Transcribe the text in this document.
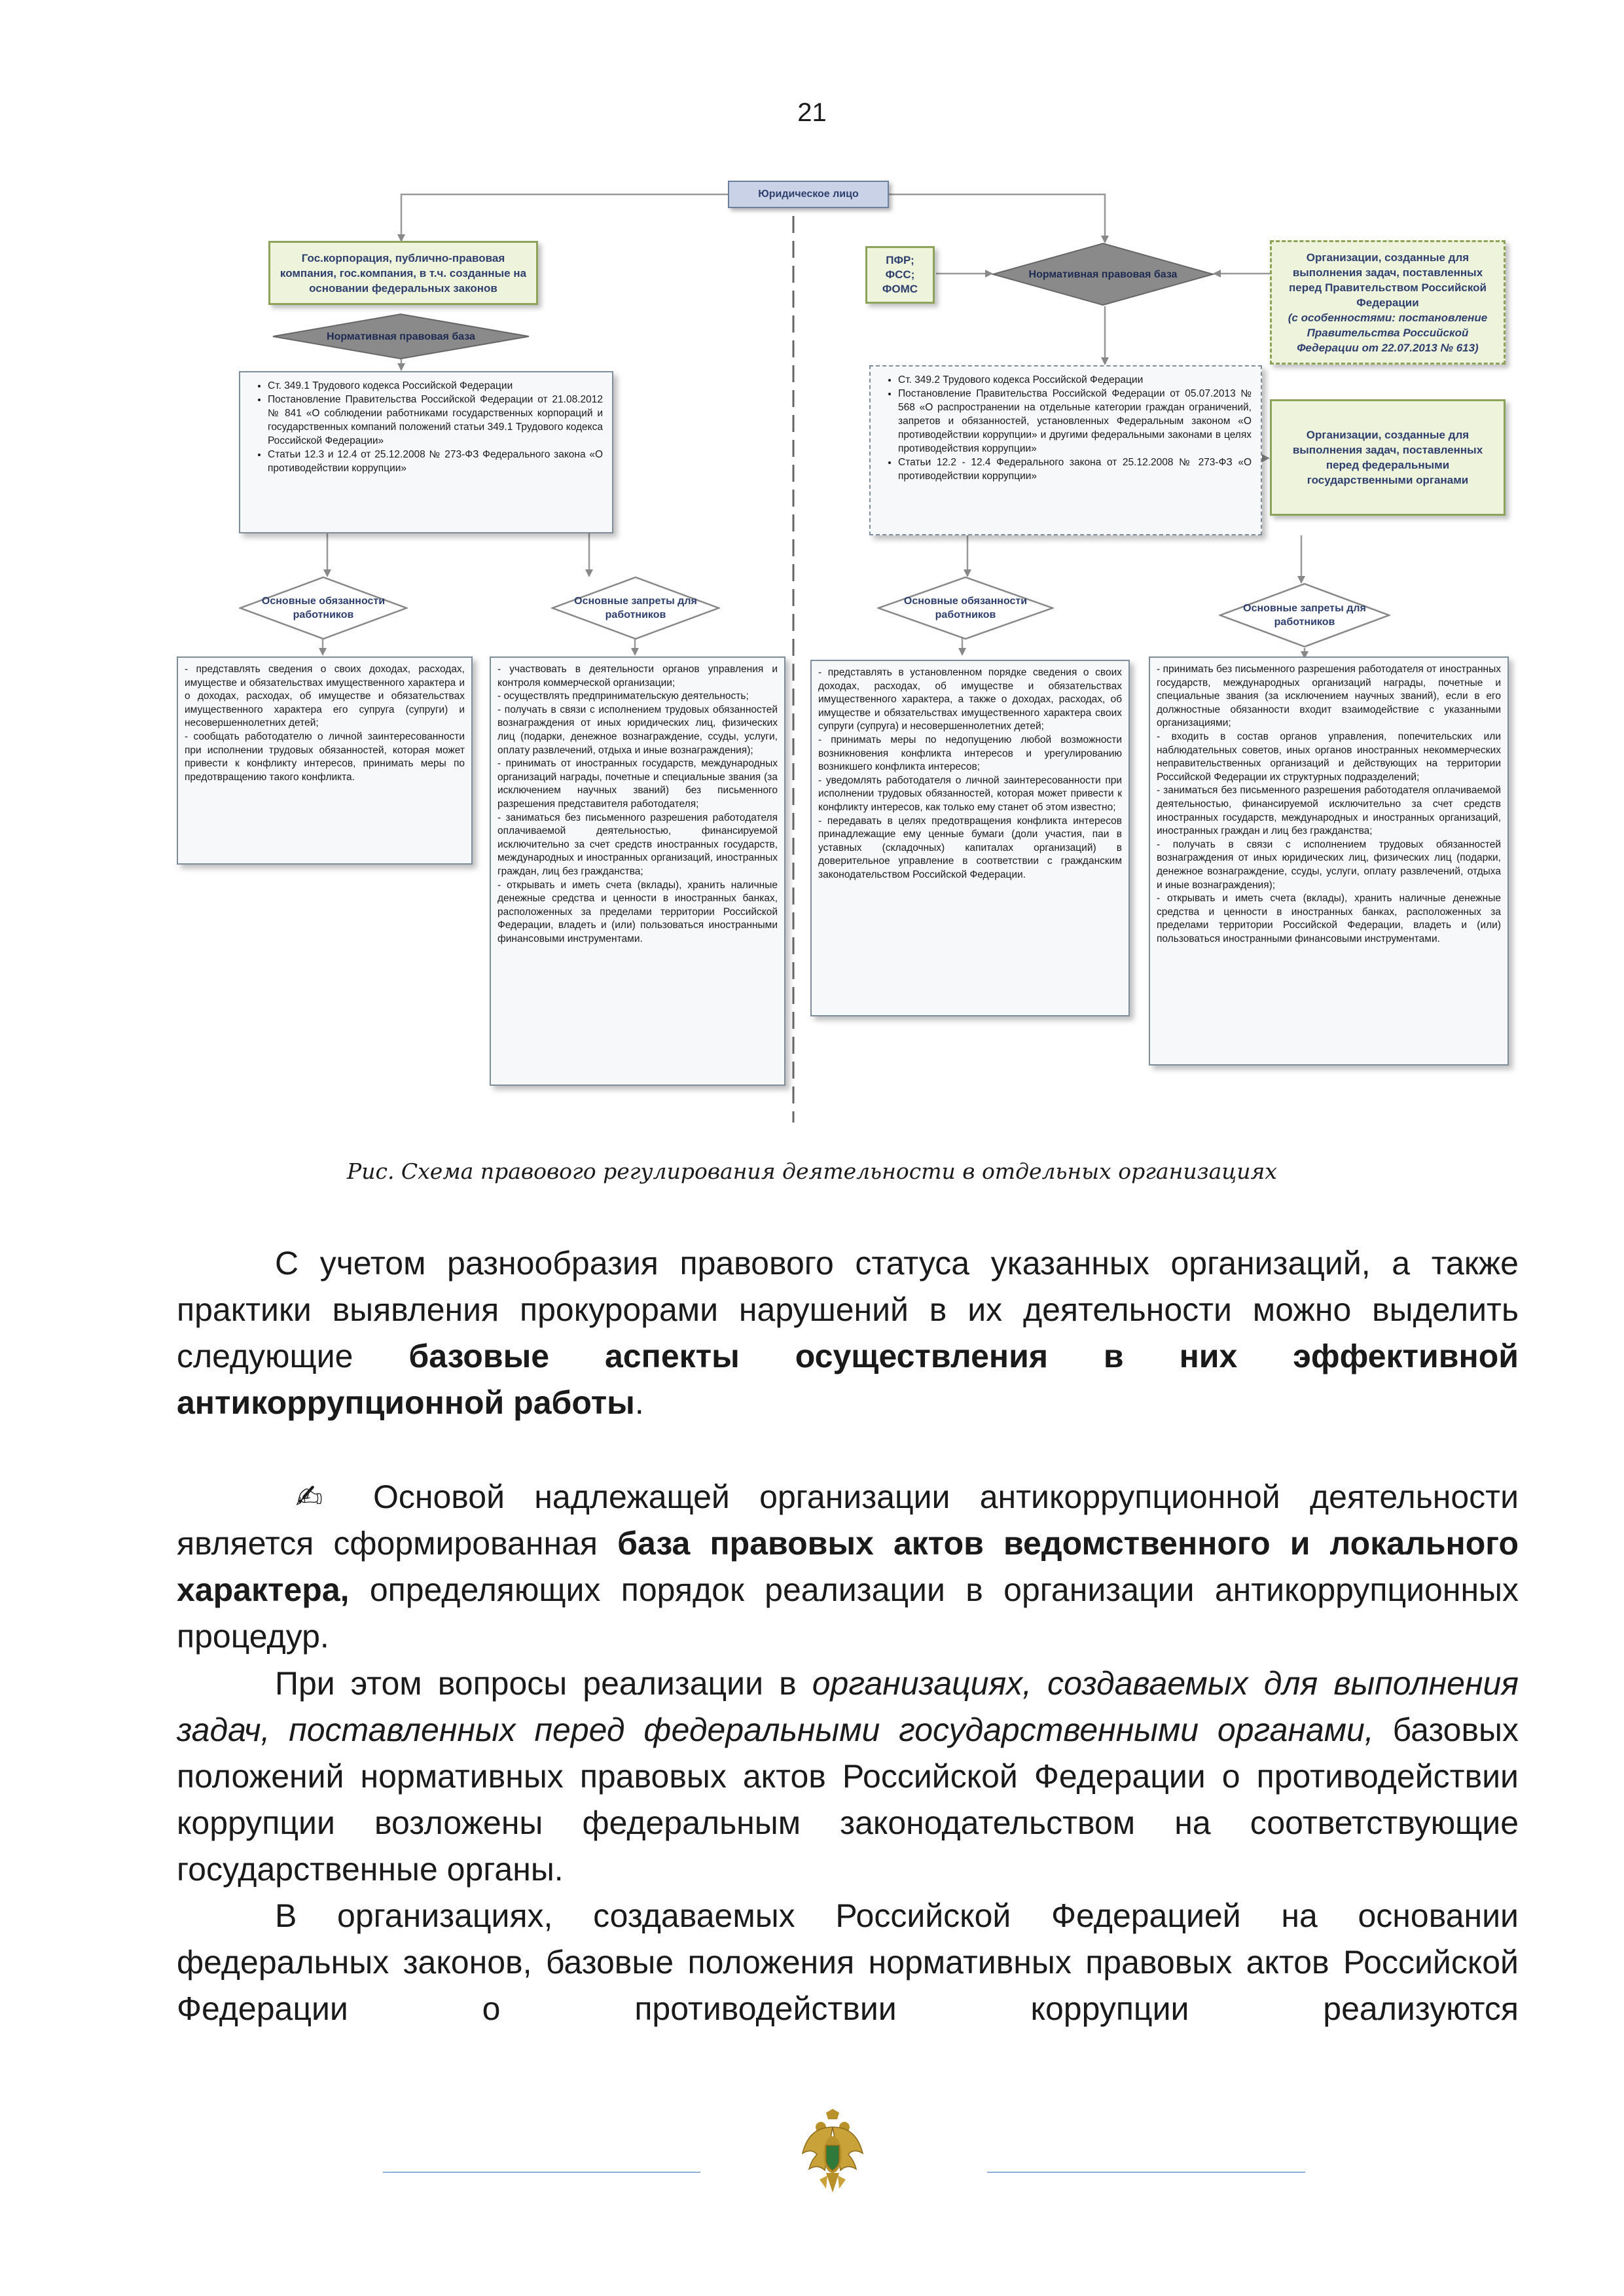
21
Юридическое лицо
Гос.корпорация, публично-правовая компания, гос.компания, в т.ч. созданные на основании федеральных законов
Нормативная правовая база
• Ст. 349.1 Трудового кодекса Российской Федерации
• Постановление Правительства Российской Федерации от 21.08.2012 № 841 «О соблюдении работниками государственных корпораций и государственных компаний положений статьи 349.1 Трудового кодекса Российской Федерации»
• Статьи 12.3 и 12.4 от 25.12.2008 № 273-ФЗ Федерального закона «О противодействии коррупции»
Основные обязанности работников
Основные запреты для работников
- представлять сведения о своих доходах, расходах, имуществе и обязательствах имущественного характера и о доходах, расходах, об имуществе и обязательствах имущественного характера его супруга (супруги) и несовершеннолетних детей;
- сообщать работодателю о личной заинтересованности при исполнении трудовых обязанностей, которая может привести к конфликту интересов, принимать меры по предотвращению такого конфликта.
- участвовать в деятельности органов управления и контроля коммерческой организации;
- осуществлять предпринимательскую деятельность;
- получать в связи с исполнением трудовых обязанностей вознаграждения от иных юридических лиц, физических лиц (подарки, денежное вознаграждение, ссуды, услуги, оплату развлечений, отдыха и иные вознаграждения);
- принимать от иностранных государств, международных организаций награды, почетные и специальные звания (за исключением научных званий) без письменного разрешения представителя работодателя;
- заниматься без письменного разрешения работодателя оплачиваемой деятельностью, финансируемой исключительно за счет средств иностранных государств, международных и иностранных организаций, иностранных граждан, лиц без гражданства;
- открывать и иметь счета (вклады), хранить наличные денежные средства и ценности в иностранных банках, расположенных за пределами территории Российской Федерации, владеть и (или) пользоваться иностранными финансовыми инструментами.
ПФР;
ФСС;
ФОМС
Нормативная правовая база
Организации, созданные для выполнения задач, поставленных перед Правительством Российской Федерации
(с особенностями: постановление Правительства Российской Федерации от 22.07.2013 № 613)
• Ст. 349.2 Трудового кодекса Российской Федерации
• Постановление Правительства Российской Федерации от 05.07.2013 № 568 «О распространении на отдельные категории граждан ограничений, запретов и обязанностей, установленных Федеральным законом «О противодействии коррупции» и другими федеральными законами в целях противодействия коррупции»
• Статьи 12.2 - 12.4 Федерального закона от 25.12.2008 № 273-ФЗ «О противодействии коррупции»
Организации, созданные для выполнения задач, поставленных перед федеральными государственными органами
Основные обязанности работников
Основные запреты для работников
- представлять в установленном порядке сведения о своих доходах, расходах, об имуществе и обязательствах имущественного характера, а также о доходах, расходах, об имуществе и обязательствах имущественного характера своих супруги (супруга) и несовершеннолетних детей;
- принимать меры по недопущению любой возможности возникновения конфликта интересов и урегулированию возникшего конфликта интересов;
- уведомлять работодателя о личной заинтересованности при исполнении трудовых обязанностей, которая может привести к конфликту интересов, как только ему станет об этом известно;
- передавать в целях предотвращения конфликта интересов принадлежащие ему ценные бумаги (доли участия, паи в уставных (складочных) капиталах организаций) в доверительное управление в соответствии с гражданским законодательством Российской Федерации.
- принимать без письменного разрешения работодателя от иностранных государств, международных организаций награды, почетные и специальные звания (за исключением научных званий), если в его должностные обязанности входит взаимодействие с указанными организациями;
- входить в состав органов управления, попечительских или наблюдательных советов, иных органов иностранных некоммерческих неправительственных организаций и действующих на территории Российской Федерации их структурных подразделений;
- заниматься без письменного разрешения работодателя оплачиваемой деятельностью, финансируемой исключительно за счет средств иностранных государств, международных и иностранных организаций, иностранных граждан и лиц без гражданства;
- получать в связи с исполнением трудовых обязанностей вознаграждения от иных юридических лиц, физических лиц (подарки, денежное вознаграждение, ссуды, услуги, оплату развлечений, отдыха и иные вознаграждения);
- открывать и иметь счета (вклады), хранить наличные денежные средства и ценности в иностранных банках, расположенных за пределами территории Российской Федерации, владеть и (или) пользоваться иностранными финансовыми инструментами.
Рис. Схема правового регулирования деятельности в отдельных организациях
С учетом разнообразия правового статуса указанных организаций, а также практики выявления прокурорами нарушений в их деятельности можно выделить следующие базовые аспекты осуществления в них эффективной антикоррупционной работы.
✍ Основой надлежащей организации антикоррупционной деятельности является сформированная база правовых актов ведомственного и локального характера, определяющих порядок реализации в организации антикоррупционных процедур.
При этом вопросы реализации в организациях, создаваемых для выполнения задач, поставленных перед федеральными государственными органами, базовых положений нормативных правовых актов Российской Федерации о противодействии коррупции возложены федеральным законодательством на соответствующие государственные органы.
В организациях, создаваемых Российской Федерацией на основании федеральных законов, базовые положения нормативных правовых актов Российской Федерации о противодействии коррупции реализуются
